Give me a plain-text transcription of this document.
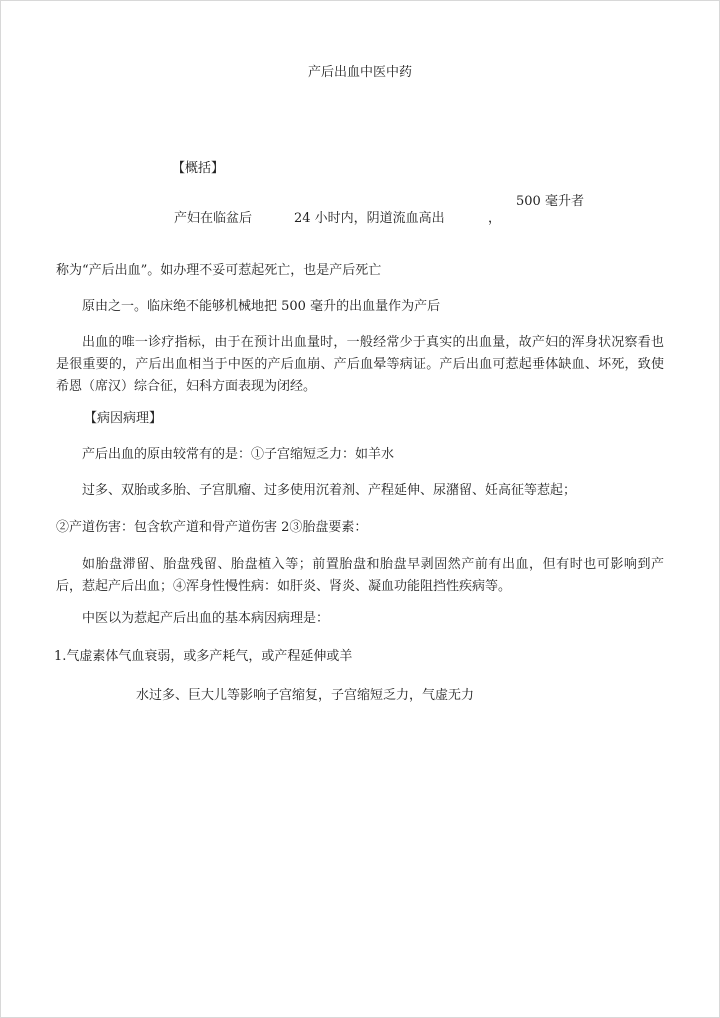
产后出血中医中药
【概括】
500 毫升者
产妇在临盆后	24 小时内，阴道流血高出	，
称为“产后出血”。如办理不妥可惹起死亡，也是产后死亡
原由之一。临床绝不能够机械地把 500 毫升的出血量作为产后
出血的唯一诊疗指标，由于在预计出血量时，一般经常少于真实的出血量，故产妇的浑身状况察看也是很重要的，产后出血相当于中医的产后血崩、产后血晕等病证。产后出血可惹起垂体缺血、坏死，致使希恩（席汉）综合征，妇科方面表现为闭经。
【病因病理】
产后出血的原由较常有的是：①子宫缩短乏力：如羊水
过多、双胎或多胎、子宫肌瘤、过多使用沉着剂、产程延伸、尿潴留、妊高征等惹起；
②产道伤害：包含软产道和骨产道伤害 2③胎盘要素：
如胎盘滞留、胎盘残留、胎盘植入等；前置胎盘和胎盘早剥固然产前有出血，但有时也可影响到产后，惹起产后出血；④浑身性慢性病：如肝炎、肾炎、凝血功能阻挡性疾病等。
中医以为惹起产后出血的基本病因病理是：
1.气虚素体气血衰弱，或多产耗气，或产程延伸或羊
水过多、巨大儿等影响子宫缩复，子宫缩短乏力，气虚无力
